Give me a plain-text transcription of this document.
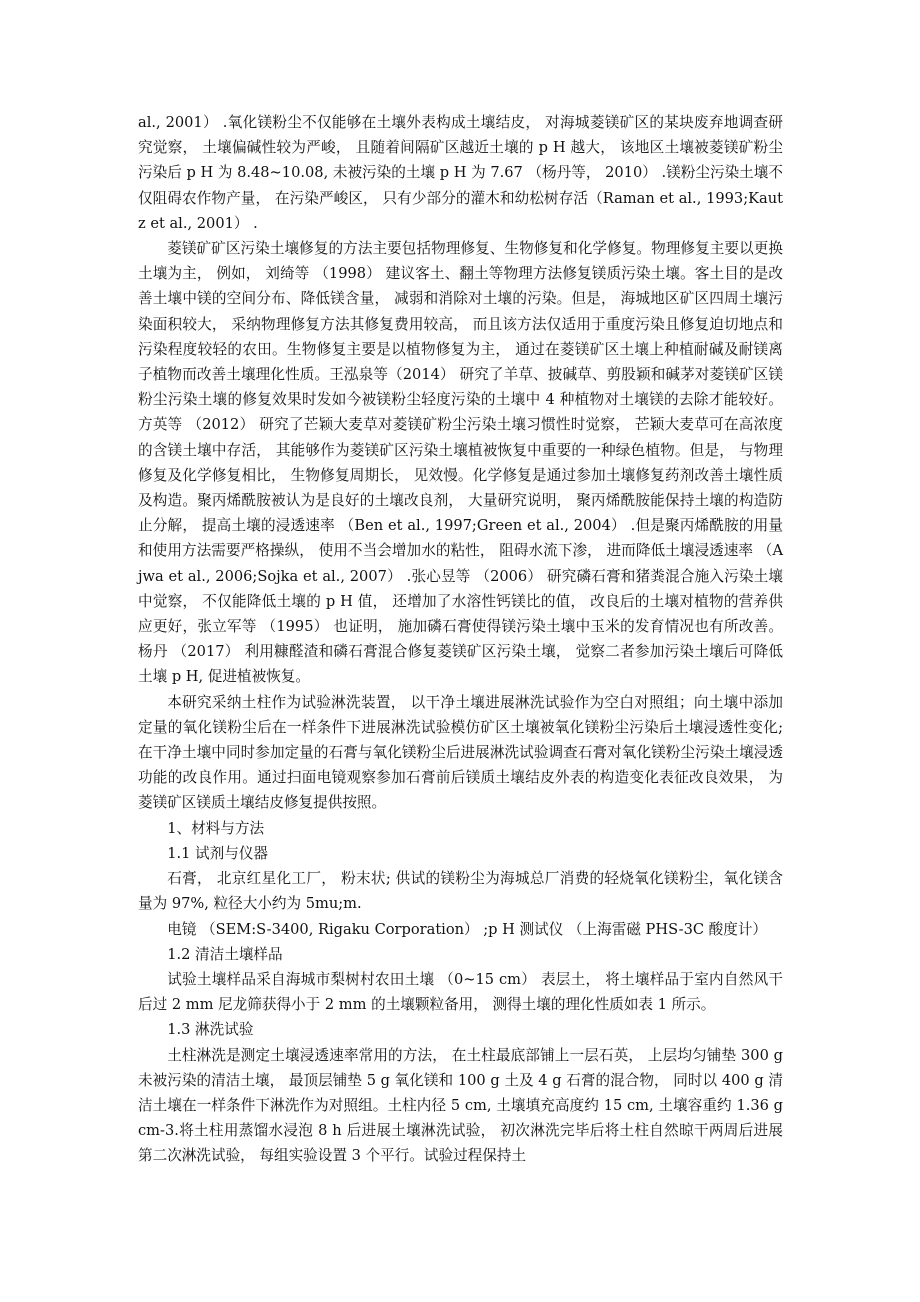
al., 2001） .氧化镁粉尘不仅能够在土壤外表构成土壤结皮， 对海城菱镁矿区的某块废弃地调查研究觉察， 土壤偏碱性较为严峻， 且随着间隔矿区越近土壤的 p H 越大， 该地区土壤被菱镁矿粉尘污染后 p H 为 8.48~10.08, 未被污染的土壤 p H 为 7.67 （杨丹等， 2010） .镁粉尘污染土壤不仅阻碍农作物产量， 在污染严峻区， 只有少部分的灌木和幼松树存活（Raman et al., 1993;Kautz et al., 2001） .

菱镁矿矿区污染土壤修复的方法主要包括物理修复、生物修复和化学修复。物理修复主要以更换土壤为主， 例如， 刘绮等 （1998） 建议客土、翻土等物理方法修复镁质污染土壤。客土目的是改善土壤中镁的空间分布、降低镁含量， 减弱和消除对土壤的污染。但是， 海城地区矿区四周土壤污染面积较大， 采纳物理修复方法其修复费用较高， 而且该方法仅适用于重度污染且修复迫切地点和污染程度较轻的农田。生物修复主要是以植物修复为主， 通过在菱镁矿区土壤上种植耐碱及耐镁离子植物而改善土壤理化性质。王泓泉等（2014） 研究了羊草、披碱草、剪股颖和碱茅对菱镁矿区镁粉尘污染土壤的修复效果时发如今被镁粉尘轻度污染的土壤中 4 种植物对土壤镁的去除才能较好。方英等 （2012） 研究了芒颖大麦草对菱镁矿粉尘污染土壤习惯性时觉察， 芒颖大麦草可在高浓度的含镁土壤中存活， 其能够作为菱镁矿区污染土壤植被恢复中重要的一种绿色植物。但是， 与物理修复及化学修复相比， 生物修复周期长， 见效慢。化学修复是通过参加土壤修复药剂改善土壤性质及构造。聚丙烯酰胺被认为是良好的土壤改良剂， 大量研究说明， 聚丙烯酰胺能保持土壤的构造防止分解， 提高土壤的浸透速率 （Ben et al., 1997;Green et al., 2004） .但是聚丙烯酰胺的用量和使用方法需要严格操纵， 使用不当会增加水的粘性， 阻碍水流下渗， 进而降低土壤浸透速率 （Ajwa et al., 2006;Sojka et al., 2007） .张心昱等 （2006） 研究磷石膏和猪粪混合施入污染土壤中觉察， 不仅能降低土壤的 p H 值， 还增加了水溶性钙镁比的值， 改良后的土壤对植物的营养供应更好，张立军等 （1995） 也证明， 施加磷石膏使得镁污染土壤中玉米的发育情况也有所改善。杨丹 （2017） 利用糠醛渣和磷石膏混合修复菱镁矿区污染土壤， 觉察二者参加污染土壤后可降低土壤 p H, 促进植被恢复。

本研究采纳土柱作为试验淋洗装置， 以干净土壤进展淋洗试验作为空白对照组；向土壤中添加定量的氧化镁粉尘后在一样条件下进展淋洗试验模仿矿区土壤被氧化镁粉尘污染后土壤浸透性变化; 在干净土壤中同时参加定量的石膏与氧化镁粉尘后进展淋洗试验调查石膏对氧化镁粉尘污染土壤浸透功能的改良作用。通过扫面电镜观察参加石膏前后镁质土壤结皮外表的构造变化表征改良效果， 为菱镁矿区镁质土壤结皮修复提供按照。

1、材料与方法

1.1 试剂与仪器

石膏， 北京红星化工厂， 粉末状; 供试的镁粉尘为海城总厂消费的轻烧氧化镁粉尘，氧化镁含量为 97%, 粒径大小约为 5mu;m.

电镜 （SEM:S-3400, Rigaku Corporation） ;p H 测试仪 （上海雷磁 PHS-3C 酸度计）

1.2 清洁土壤样品

试验土壤样品采自海城市梨树村农田土壤 （0~15 cm） 表层土， 将土壤样品于室内自然风干后过 2 mm 尼龙筛获得小于 2 mm 的土壤颗粒备用， 测得土壤的理化性质如表 1 所示。

1.3 淋洗试验

土柱淋洗是测定土壤浸透速率常用的方法， 在土柱最底部铺上一层石英， 上层均匀铺垫 300 g 未被污染的清洁土壤， 最顶层铺垫 5 g 氧化镁和 100 g 土及 4 g 石膏的混合物， 同时以 400 g 清洁土壤在一样条件下淋洗作为对照组。土柱内径 5 cm, 土壤填充高度约 15 cm, 土壤容重约 1.36 gcm-3.将土柱用蒸馏水浸泡 8 h 后进展土壤淋洗试验， 初次淋洗完毕后将土柱自然晾干两周后进展第二次淋洗试验， 每组实验设置 3 个平行。试验过程保持土
